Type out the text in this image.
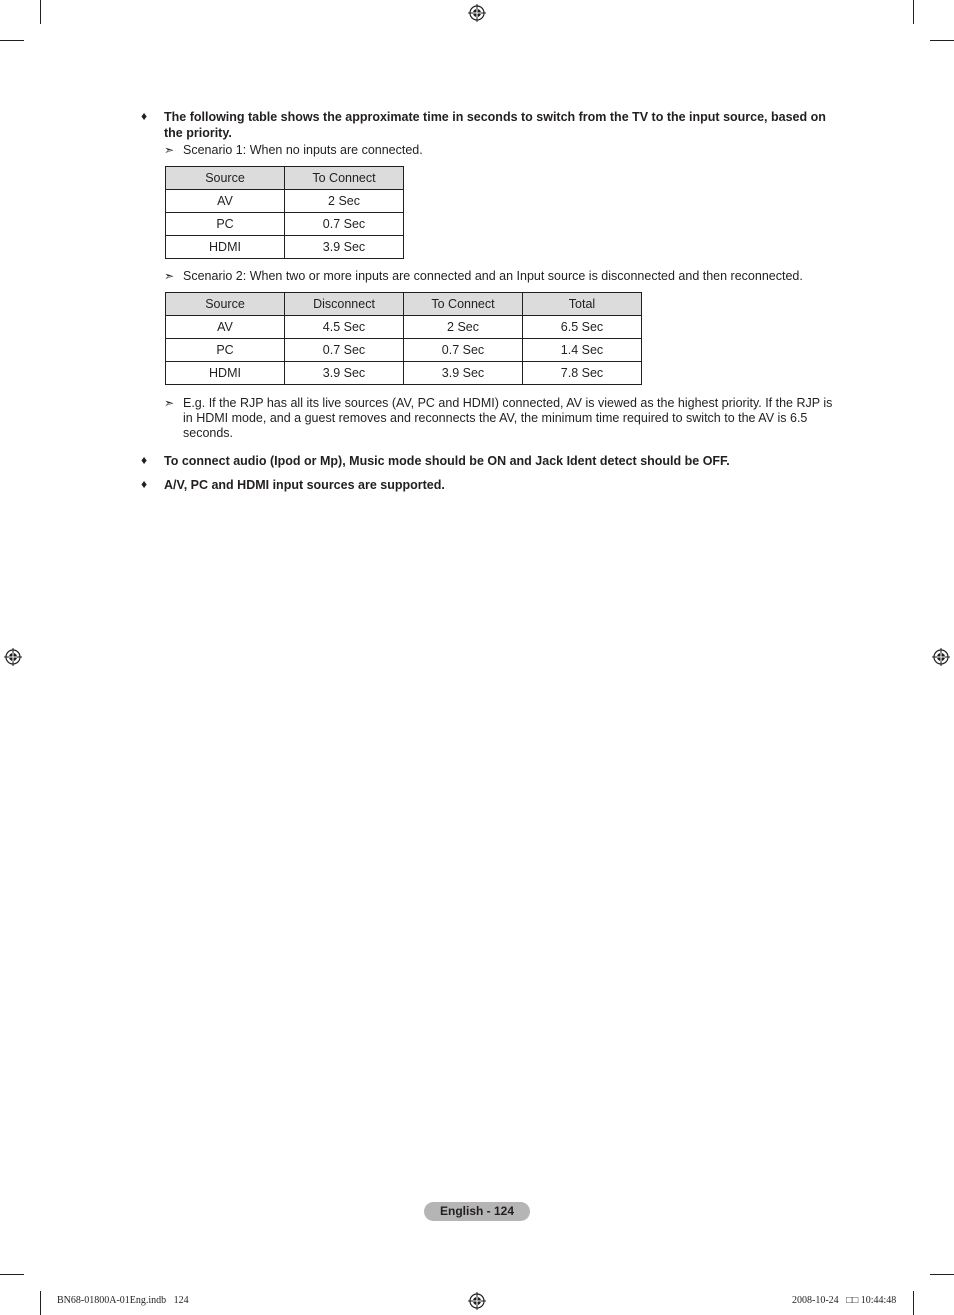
♦ The following table shows the approximate time in seconds to switch from the TV to the input source, based on the priority.
➣ Scenario 1: When no inputs are connected.
Source	To Connect
AV	2 Sec
PC	0.7 Sec
HDMI	3.9 Sec
➣ Scenario 2: When two or more inputs are connected and an Input source is disconnected and then reconnected.
Source	Disconnect	To Connect	Total
AV	4.5 Sec	2 Sec	6.5 Sec
PC	0.7 Sec	0.7 Sec	1.4 Sec
HDMI	3.9 Sec	3.9 Sec	7.8 Sec
➣ E.g. If the RJP has all its live sources (AV, PC and HDMI) connected, AV is viewed as the highest priority. If the RJP is in HDMI mode, and a guest removes and reconnects the AV, the minimum time required to switch to the AV is 6.5 seconds.
♦ To connect audio (Ipod or Mp), Music mode should be ON and Jack Ident detect should be OFF.
♦ A/V, PC and HDMI input sources are supported.
English - 124
BN68-01800A-01Eng.indb   124	2008-10-24   □□ 10:44:48
